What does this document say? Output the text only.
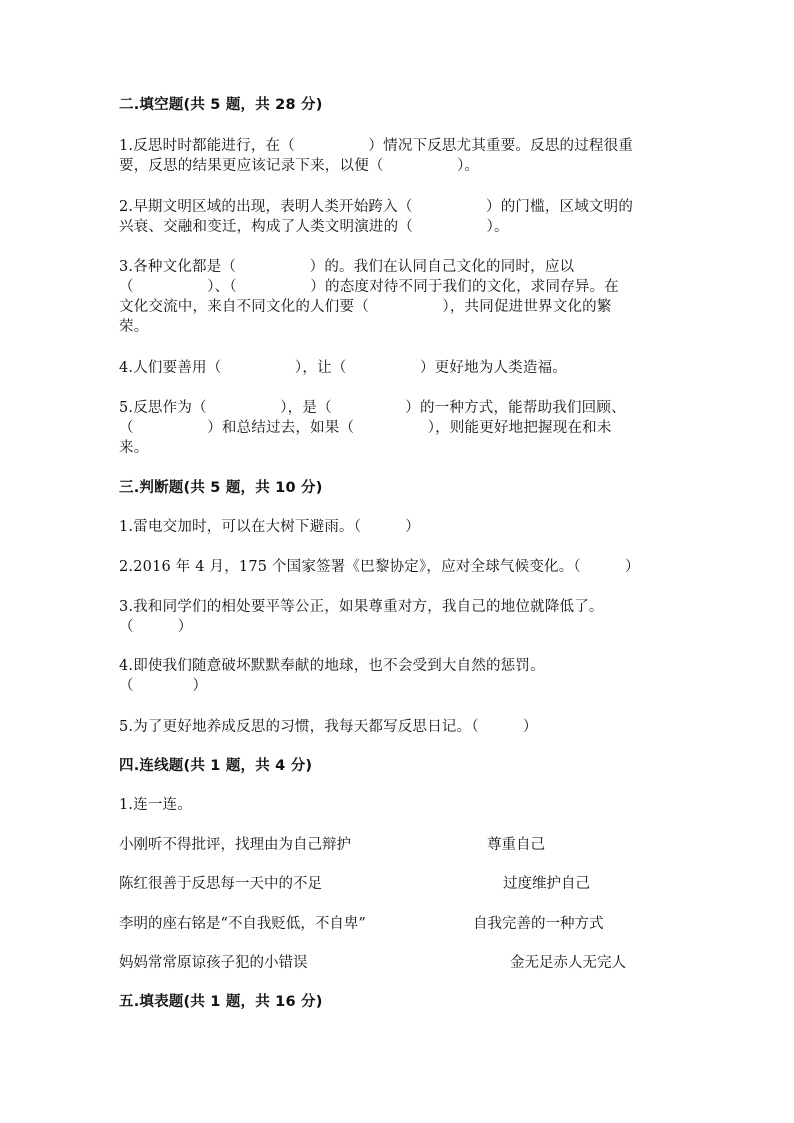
二.填空题(共 5 题，共 28 分)
1.反思时时都能进行，在（　　　　　）情况下反思尤其重要。反思的过程很重
要，反思的结果更应该记录下来，以便（　　　　　）。
2.早期文明区域的出现，表明人类开始跨入（　　　　　）的门槛，区域文明的
兴衰、交融和变迁，构成了人类文明演进的（　　　　　）。
3.各种文化都是（　　　　　）的。我们在认同自己文化的同时，应以
（　　　　　）、（　　　　　）的态度对待不同于我们的文化，求同存异。在
文化交流中，来自不同文化的人们要（　　　　　），共同促进世界文化的繁
荣。
4.人们要善用（　　　　　），让（　　　　　）更好地为人类造福。
5.反思作为（　　　　　），是（　　　　　）的一种方式，能帮助我们回顾、
（　　　　　）和总结过去，如果（　　　　　），则能更好地把握现在和未
来。
三.判断题(共 5 题，共 10 分)
1.雷电交加时，可以在大树下避雨。（　　　）
2.2016 年 4 月，175 个国家签署《巴黎协定》，应对全球气候变化。（　　　）
3.我和同学们的相处要平等公正，如果尊重对方，我自己的地位就降低了。
（　　　）
4.即使我们随意破坏默默奉献的地球，也不会受到大自然的惩罚。
（　　　　）
5.为了更好地养成反思的习惯，我每天都写反思日记。（　　　）
四.连线题(共 1 题，共 4 分)
1.连一连。
小刚听不得批评，找理由为自己辩护	尊重自己
陈红很善于反思每一天中的不足	过度维护自己
李明的座右铭是“不自我贬低，不自卑”	自我完善的一种方式
妈妈常常原谅孩子犯的小错误	金无足赤人无完人
五.填表题(共 1 题，共 16 分)
